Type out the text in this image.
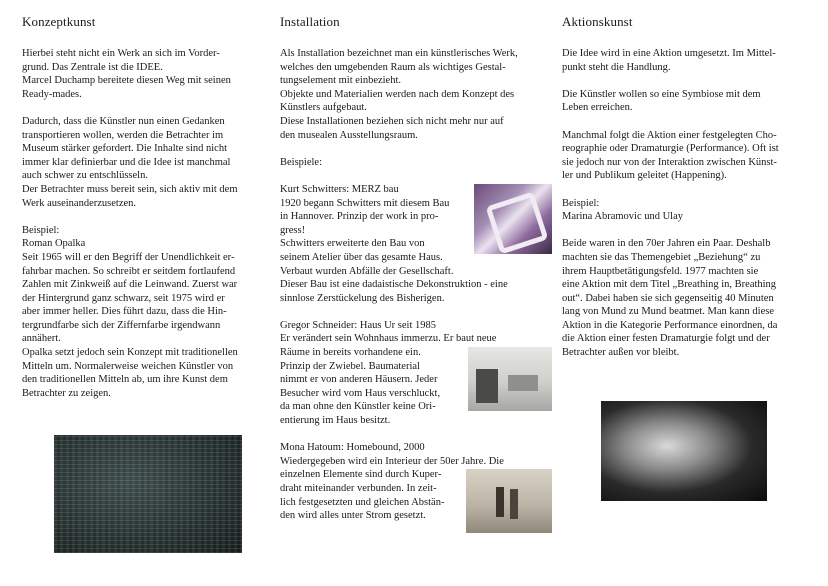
Konzeptkunst

Hierbei steht nicht ein Werk an sich im Vorder-

grund. Das Zentrale ist die IDEE.

Marcel Duchamp bereitete diesen Weg mit seinen

Ready-mades.

Dadurch, dass die Künstler nun einen Gedanken

transportieren wollen, werden die Betrachter im

Museum stärker gefordert. Die Inhalte sind nicht

immer klar definierbar und die Idee ist manchmal

auch schwer zu entschlüsseln.

Der Betrachter muss bereit sein, sich aktiv mit dem

Werk auseinanderzusetzen.

Beispiel:

Roman Opalka

Seit 1965 will er den Begriff der Unendlichkeit er-

fahrbar machen. So schreibt er seitdem fortlaufend

Zahlen mit Zinkweiß auf die Leinwand. Zuerst war

der Hintergrund ganz schwarz, seit 1975 wird er

aber immer heller. Dies führt dazu, dass die Hin-

tergrundfarbe sich der Ziffernfarbe irgendwann

annähert.

Opalka setzt jedoch sein Konzept mit traditionellen

Mitteln um. Normalerweise weichen Künstler von

den traditionellen Mitteln ab, um ihre Kunst dem

Betrachter zu zeigen.

Installation

Als Installation bezeichnet man ein künstlerisches Werk,

welches den umgebenden Raum als wichtiges Gestal-

tungselement mit einbezieht.

Objekte und Materialien werden nach dem Konzept des

Künstlers aufgebaut.

Diese Installationen beziehen sich nicht mehr nur auf

den musealen Ausstellungsraum.

Beispiele:

Kurt Schwitters: MERZ bau

1920 begann Schwitters mit diesem Bau

in Hannover. Prinzip der work in pro-

gress!

Schwitters erweiterte den Bau von

seinem Atelier über das gesamte Haus.

Verbaut wurden Abfälle der Gesellschaft.

Dieser Bau ist eine dadaistische Dekonstruktion - eine

sinnlose Zerstückelung des Bisherigen.

Gregor Schneider: Haus Ur seit 1985

Er verändert sein Wohnhaus immerzu. Er baut neue

Räume in bereits vorhandene ein.

Prinzip der Zwiebel. Baumaterial

nimmt er von anderen Häusern. Jeder

Besucher wird vom Haus verschluckt,

da man ohne den Künstler keine Ori-

entierung im Haus besitzt.

Mona Hatoum: Homebound, 2000

Wiedergegeben wird ein Interieur der 50er Jahre. Die

einzelnen Elemente sind durch Kuper-

draht miteinander verbunden. In zeit-

lich festgesetzten und gleichen Abstän-

den wird alles unter Strom gesetzt.

Aktionskunst

Die Idee wird in eine Aktion umgesetzt. Im Mittel-

punkt steht die Handlung.

Die Künstler wollen so eine Symbiose mit dem

Leben erreichen.

Manchmal folgt die Aktion einer festgelegten Cho-

reographie oder Dramaturgie (Performance). Oft ist

sie jedoch nur von der Interaktion zwischen Künst-

ler und Publikum geleitet (Happening).

Beispiel:

Marina Abramovic und Ulay

Beide waren in den 70er Jahren ein Paar. Deshalb

machten sie das Themengebiet „Beziehung“ zu

ihrem Hauptbetätigungsfeld. 1977 machten sie

eine Aktion mit dem Titel „Breathing in, Breathing

out“. Dabei haben sie sich gegenseitig 40 Minuten

lang von Mund zu Mund beatmet. Man kann diese

Aktion in die Kategorie Performance einordnen, da

die Aktion einer festen Dramaturgie folgt und der

Betrachter außen vor bleibt.
